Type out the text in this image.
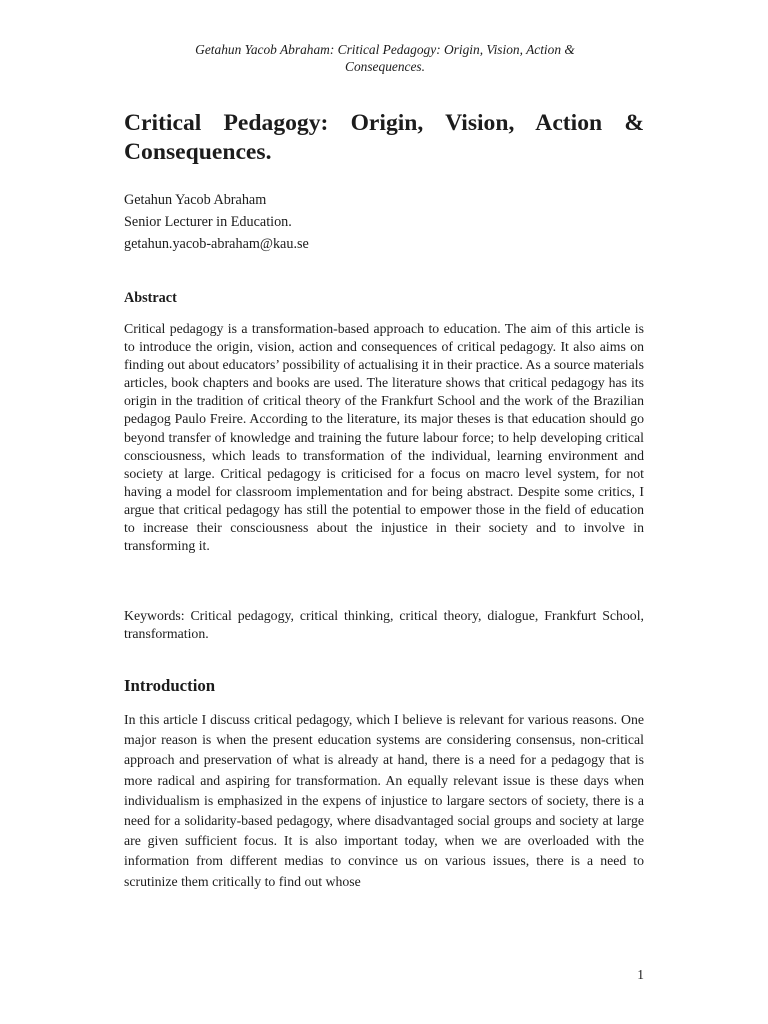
Getahun Yacob Abraham: Critical Pedagogy: Origin, Vision, Action &
Consequences.
Critical Pedagogy: Origin, Vision, Action & Consequences.
Getahun Yacob Abraham
Senior Lecturer in Education.
getahun.yacob-abraham@kau.se
Abstract

Critical pedagogy is a transformation-based approach to education. The aim of this article is to introduce the origin, vision, action and consequences of critical pedagogy. It also aims on finding out about educators’ possibility of actualising it in their practice. As a source materials articles, book chapters and books are used. The literature shows that critical pedagogy has its origin in the tradition of critical theory of the Frankfurt School and the work of the Brazilian pedagog Paulo Freire. According to the literature, its major theses is that education should go beyond transfer of knowledge and training the future labour force; to help developing critical consciousness, which leads to transformation of the individual, learning environment and society at large. Critical pedagogy is criticised for a focus on macro level system, for not having a model for classroom implementation and for being abstract. Despite some critics, I argue that critical pedagogy has still the potential to empower those in the field of education to increase their consciousness about the injustice in their society and to involve in transforming it.

Keywords: Critical pedagogy, critical thinking, critical theory, dialogue, Frankfurt School, transformation.

Introduction

In this article I discuss critical pedagogy, which I believe is relevant for various reasons. One major reason is when the present education systems are considering consensus, non-critical approach and preservation of what is already at hand, there is a need for a pedagogy that is more radical and aspiring for transformation. An equally relevant issue is these days when individualism is emphasized in the expens of injustice to largare sectors of society, there is a need for a solidarity-based pedagogy, where disadvantaged social groups and society at large are given sufficient focus. It is also important today, when we are overloaded with the information from different medias to convince us on various issues, there is a need to scrutinize them critically to find out whose

1
